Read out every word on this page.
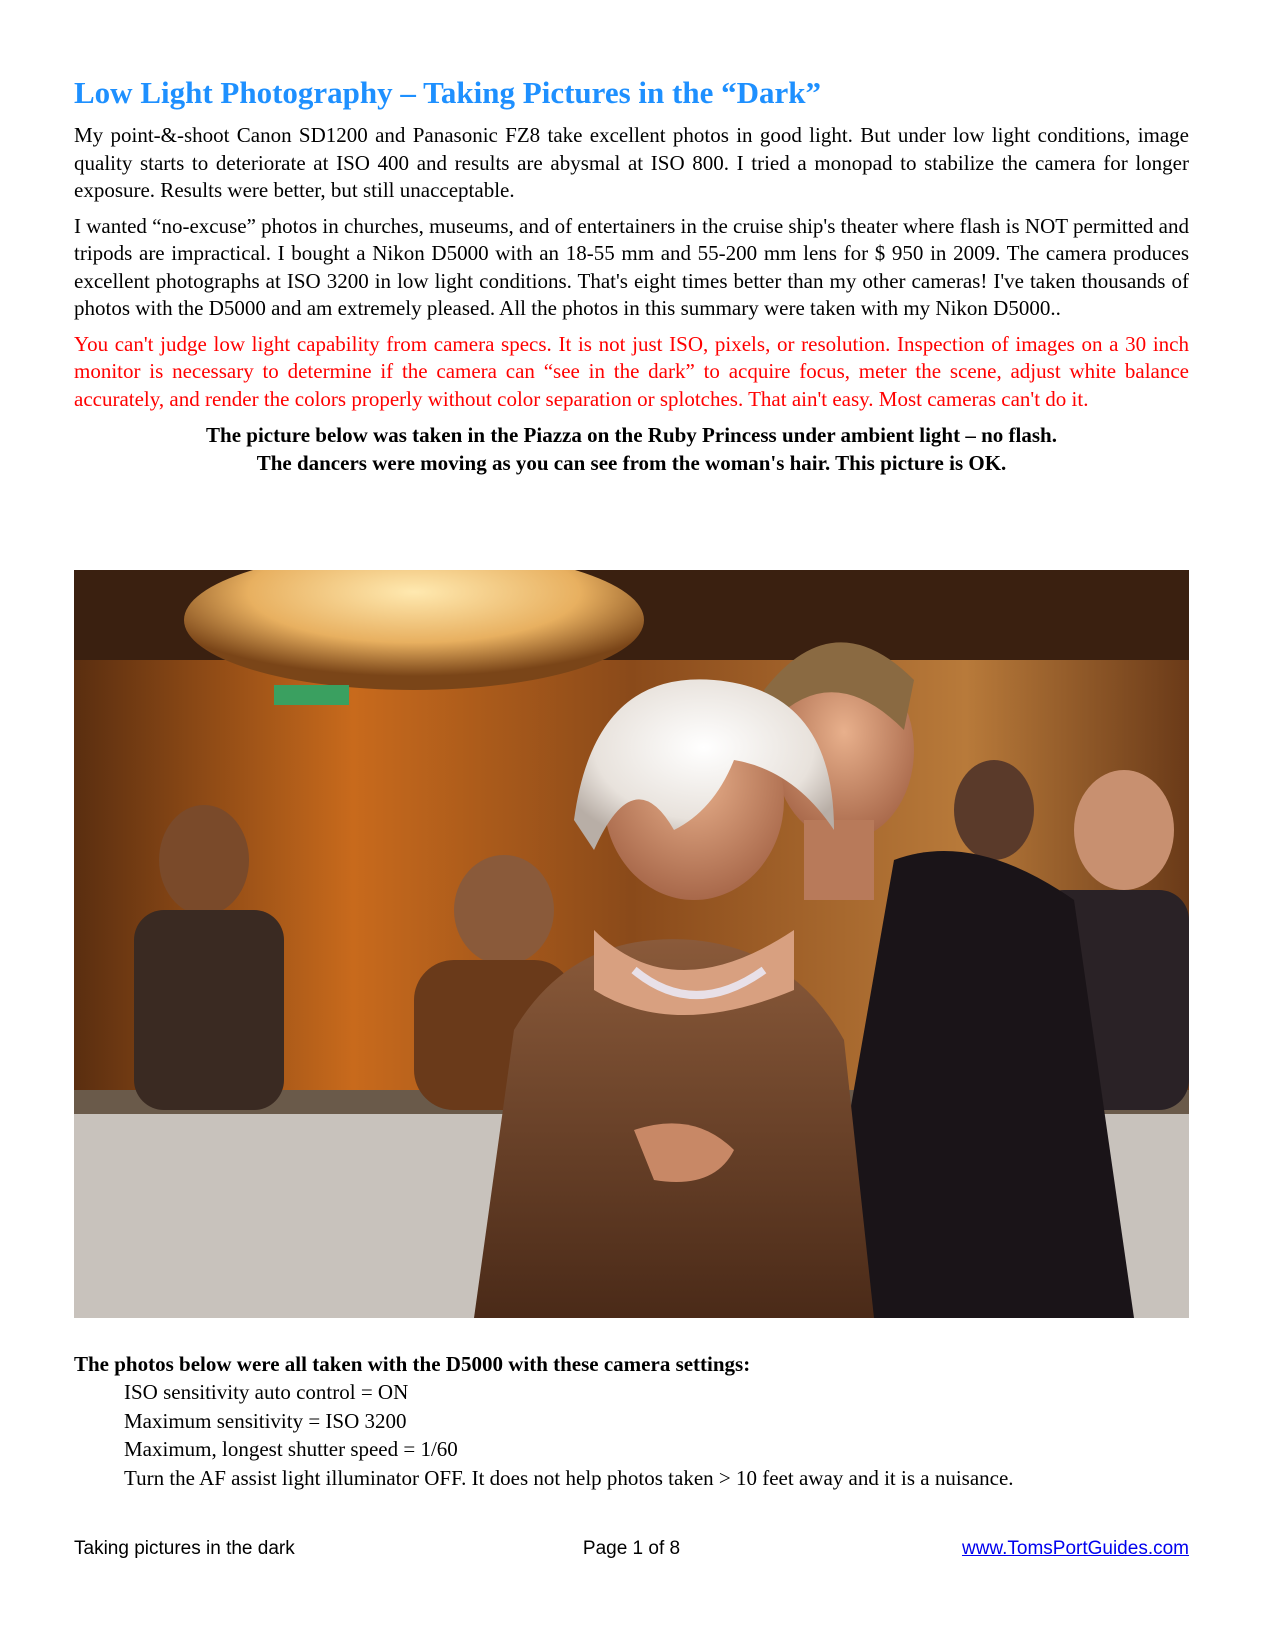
Low Light Photography – Taking Pictures in the “Dark”

My point-&-shoot Canon SD1200 and Panasonic FZ8 take excellent photos in good light. But under low light conditions, image quality starts to deteriorate at ISO 400 and results are abysmal at ISO 800. I tried a monopad to stabilize the camera for longer exposure. Results were better, but still unacceptable.

I wanted “no-excuse” photos in churches, museums, and of entertainers in the cruise ship's theater where flash is NOT permitted and tripods are impractical. I bought a Nikon D5000 with an 18-55 mm and 55-200 mm lens for $ 950 in 2009. The camera produces excellent photographs at ISO 3200 in low light conditions. That's eight times better than my other cameras! I've taken thousands of photos with the D5000 and am extremely pleased. All the photos in this summary were taken with my Nikon D5000..

You can't judge low light capability from camera specs. It is not just ISO, pixels, or resolution. Inspection of images on a 30 inch monitor is necessary to determine if the camera can “see in the dark” to acquire focus, meter the scene, adjust white balance accurately, and render the colors properly without color separation or splotches. That ain't easy. Most cameras can't do it.

The picture below was taken in the Piazza on the Ruby Princess under ambient light – no flash.
The dancers were moving as you can see from the woman's hair. This picture is OK.
The photos below were all taken with the D5000 with these camera settings:
ISO sensitivity auto control = ON
Maximum sensitivity = ISO 3200
Maximum, longest shutter speed = 1/60
Turn the AF assist light illuminator OFF. It does not help photos taken > 10 feet away and it is a nuisance.
Page 1 of 8
Taking pictures in the dark	www.TomsPortGuides.com
